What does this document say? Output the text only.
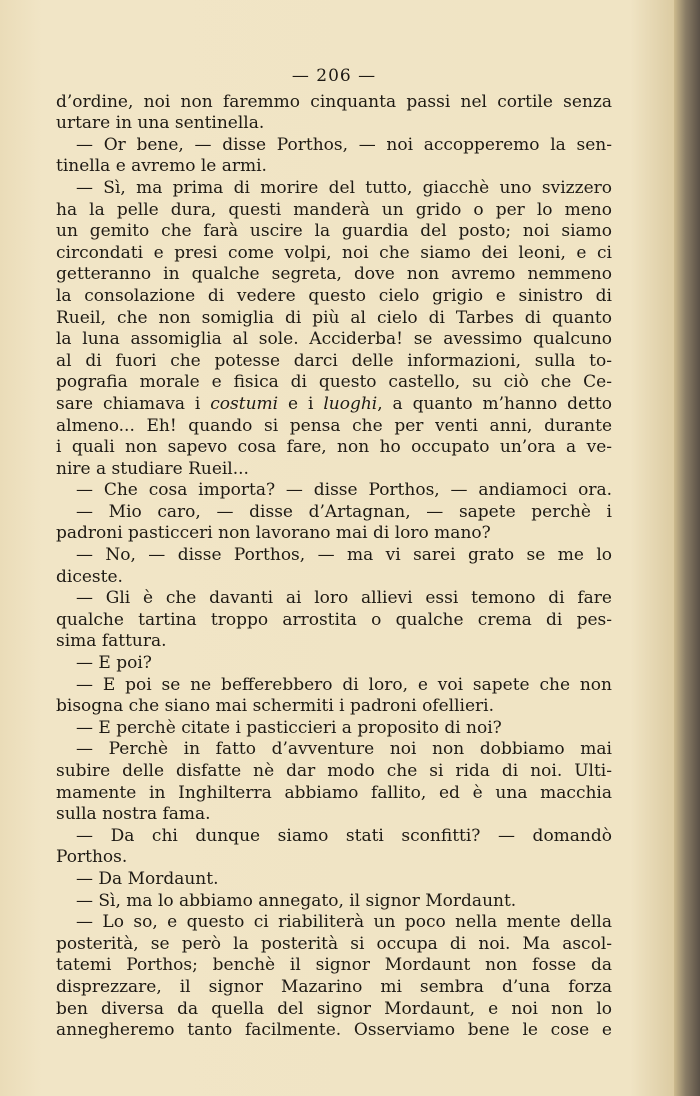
— 206 —
d’ordine, noi non faremmo cinquanta passi nel cortile senza
urtare in una sentinella.
— Or bene, — disse Porthos, — noi accopperemo la sen-
tinella e avremo le armi.
— Sì, ma prima di morire del tutto, giacchè uno svizzero
ha la pelle dura, questi manderà un grido o per lo meno
un gemito che farà uscire la guardia del posto; noi siamo
circondati e presi come volpi, noi che siamo dei leoni, e ci
getteranno in qualche segreta, dove non avremo nemmeno
la consolazione di vedere questo cielo grigio e sinistro di
Rueil, che non somiglia di più al cielo di Tarbes di quanto
la luna assomiglia al sole. Acciderba! se avessimo qualcuno
al di fuori che potesse darci delle informazioni, sulla to-
pografia morale e fisica di questo castello, su ciò che Ce-
sare chiamava i costumi e i luoghi, a quanto m’hanno detto
almeno... Eh! quando si pensa che per venti anni, durante
i quali non sapevo cosa fare, non ho occupato un’ora a ve-
nire a studiare Rueil...
— Che cosa importa? — disse Porthos, — andiamoci ora.
— Mio caro, — disse d’Artagnan, — sapete perchè i
padroni pasticceri non lavorano mai di loro mano?
— No, — disse Porthos, — ma vi sarei grato se me lo
diceste.
— Gli è che davanti ai loro allievi essi temono di fare
qualche tartina troppo arrostita o qualche crema di pes-
sima fattura.
— E poi?
— E poi se ne befferebbero di loro, e voi sapete che non
bisogna che siano mai schermiti i padroni ofellieri.
— E perchè citate i pasticcieri a proposito di noi?
— Perchè in fatto d’avventure noi non dobbiamo mai
subire delle disfatte nè dar modo che si rida di noi. Ulti-
mamente in Inghilterra abbiamo fallito, ed è una macchia
sulla nostra fama.
— Da chi dunque siamo stati sconfitti? — domandò
Porthos.
— Da Mordaunt.
— Sì, ma lo abbiamo annegato, il signor Mordaunt.
— Lo so, e questo ci riabiliterà un poco nella mente della
posterità, se però la posterità si occupa di noi. Ma ascol-
tatemi Porthos; benchè il signor Mordaunt non fosse da
disprezzare, il signor Mazarino mi sembra d’una forza
ben diversa da quella del signor Mordaunt, e noi non lo
annegheremo tanto facilmente. Osserviamo bene le cose e
